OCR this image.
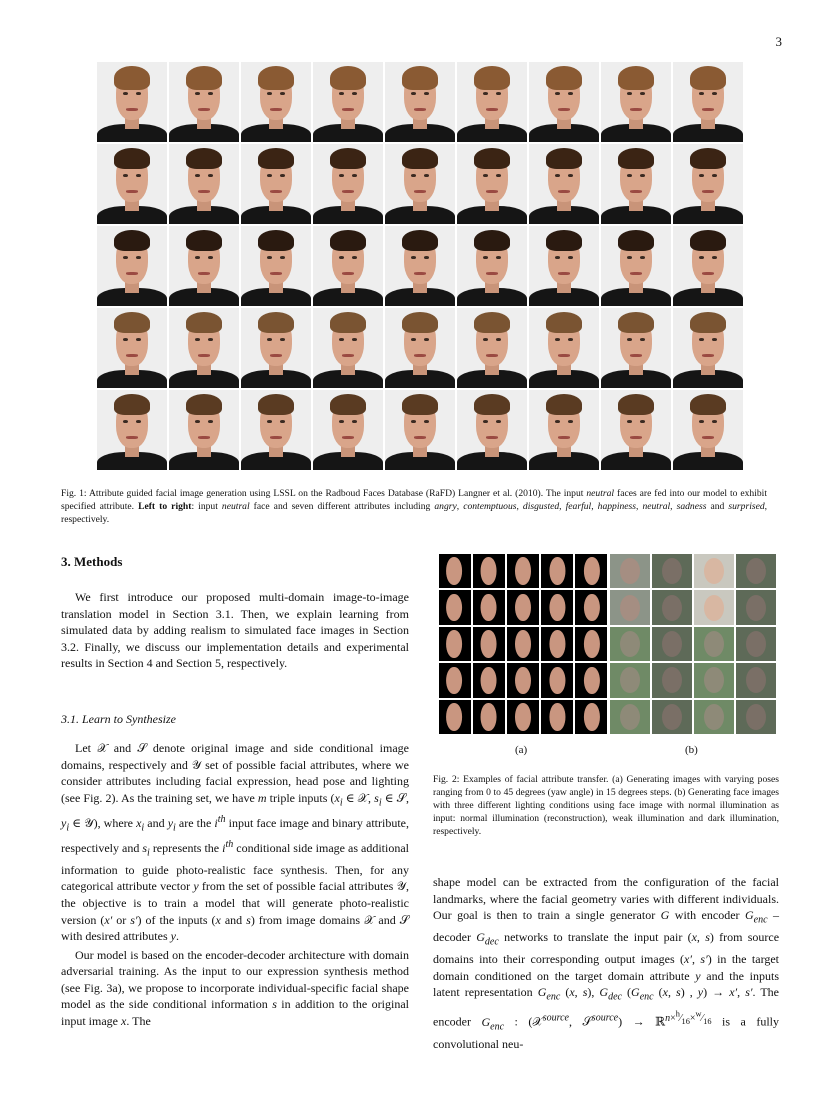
3
Fig. 1: Attribute guided facial image generation using LSSL on the Radboud Faces Database (RaFD) Langner et al. (2010). The input neutral faces are fed into our model to exhibit specified attribute. Left to right: input neutral face and seven different attributes including angry, contemptuous, disgusted, fearful, happiness, neutral, sadness and surprised, respectively.
3. Methods

We first introduce our proposed multi-domain image-to-image translation model in Section 3.1. Then, we explain learning from simulated data by adding realism to simulated face images in Section 3.2. Finally, we discuss our implementation details and experimental results in Section 4 and Section 5, respectively.

3.1. Learn to Synthesize

Let 𝒳 and 𝒮 denote original image and side conditional image domains, respectively and 𝒴 set of possible facial attributes, where we consider attributes including facial expression, head pose and lighting (see Fig. 2). As the training set, we have m triple inputs ($x_i$ ∈ 𝒳, $s_i$ ∈ 𝒮, $y_i$ ∈ 𝒴), where $x_i$ and $y_i$ are the $i^{th}$ input face image and binary attribute, respectively and $s_i$ represents the $i^{th}$ conditional side image as additional information to guide photo-realistic face synthesis. Then, for any categorical attribute vector y from the set of possible facial attributes 𝒴, the objective is to train a model that will generate photo-realistic version (x′ or s′) of the inputs (x and s) from image domains 𝒳 and 𝒮 with desired attributes y.

Our model is based on the encoder-decoder architecture with domain adversarial training. As the input to our expression synthesis method (see Fig. 3a), we propose to incorporate individual-specific facial shape model as the side conditional information s in addition to the original input image x. The

(a)	(b)
Fig. 2: Examples of facial attribute transfer. (a) Generating images with varying poses ranging from 0 to 45 degrees (yaw angle) in 15 degrees steps. (b) Generating face images with three different lighting conditions using face image with normal illumination as input: normal illumination (reconstruction), weak illumination and dark illumination, respectively.

shape model can be extracted from the configuration of the facial landmarks, where the facial geometry varies with different individuals. Our goal is then to train a single generator G with encoder $G_{enc}$ – decoder $G_{dec}$ networks to translate the input pair (x, s) from source domains into their corresponding output images (x′, s′) in the target domain conditioned on the target domain attribute y and the inputs latent representation $G_{enc}$ (x, s), $G_{dec}$ ($G_{enc}$ (x, s) , y) → x′, s′. The encoder $G_{enc}$ : (𝒳$^{source}$, 𝒮$^{source}$) → ℝ$^{n\times^h⁄_{16}\times^w⁄_{16}}$ is a fully convolutional neu-
